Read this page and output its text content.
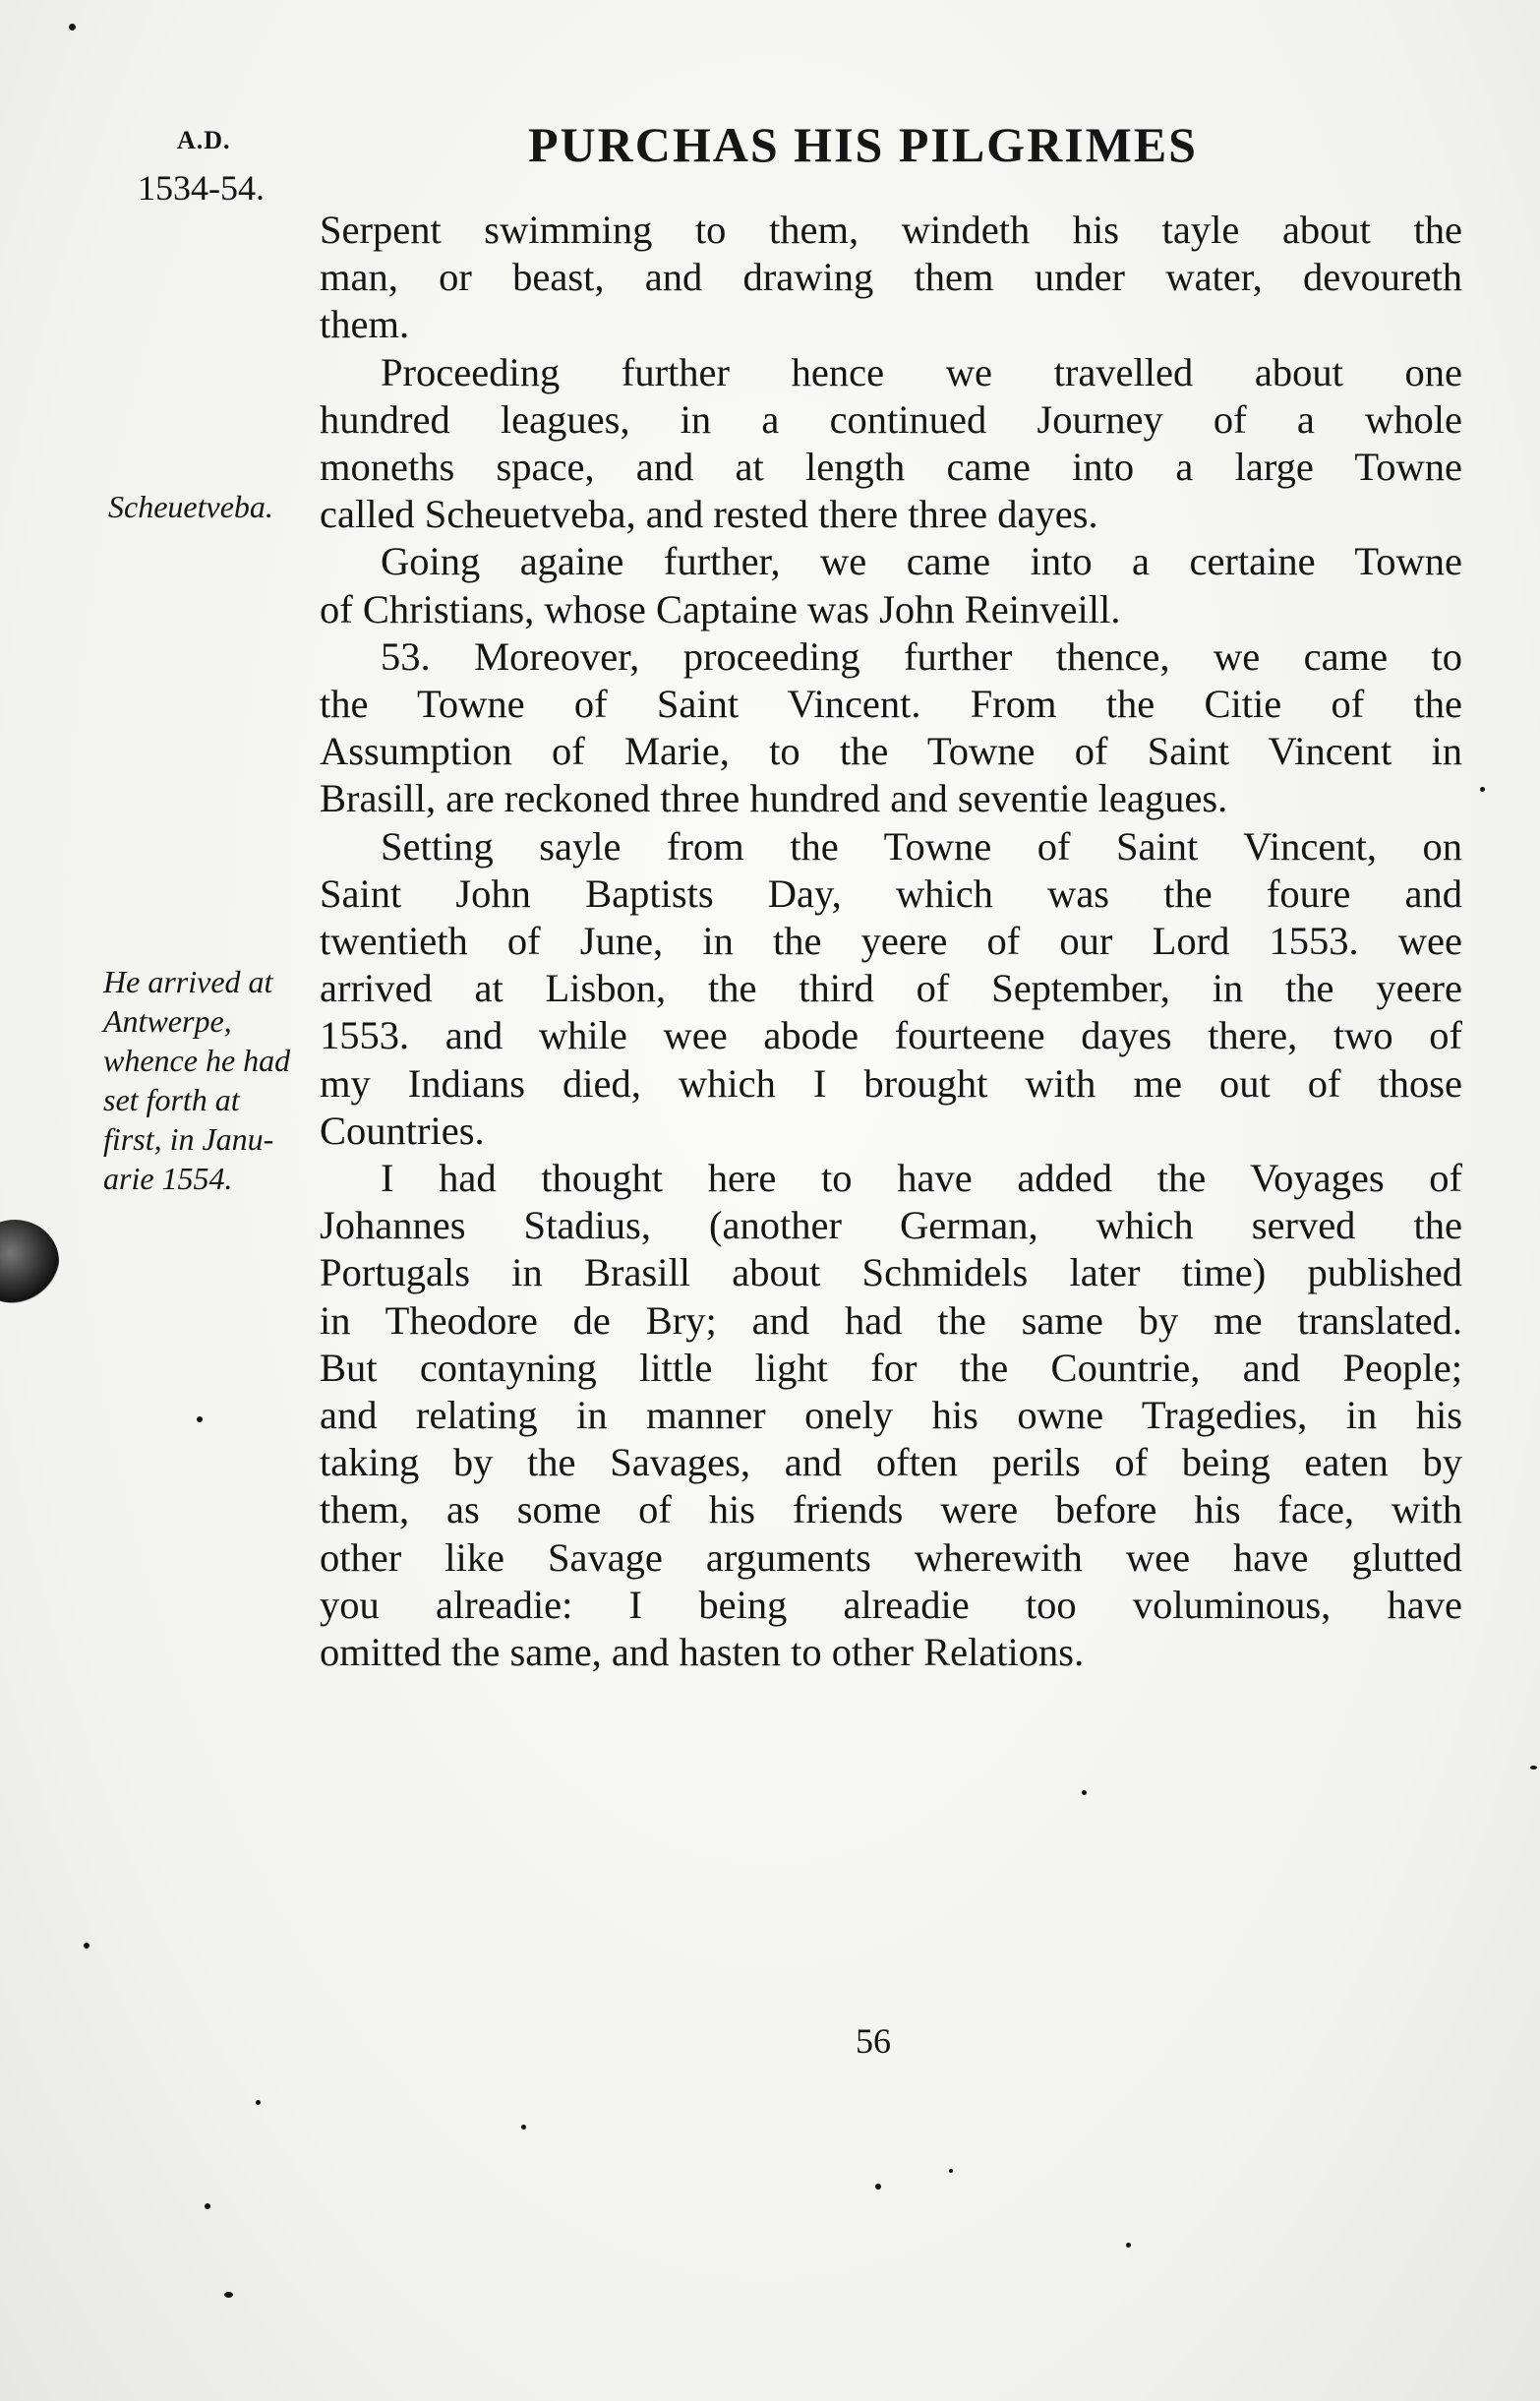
A.D.
1534-54.
PURCHAS HIS PILGRIMES
Serpent swimming to them, windeth his tayle about the
man, or beast, and drawing them under water, devoureth
them.
Proceeding further hence we travelled about one
hundred leagues, in a continued Journey of a whole
moneths space, and at length came into a large Towne
called Scheuetveba, and rested there three dayes.
Going againe further, we came into a certaine Towne
of Christians, whose Captaine was John Reinveill.
53. Moreover, proceeding further thence, we came to
the Towne of Saint Vincent. From the Citie of the
Assumption of Marie, to the Towne of Saint Vincent in
Brasill, are reckoned three hundred and seventie leagues.
Setting sayle from the Towne of Saint Vincent, on
Saint John Baptists Day, which was the foure and
twentieth of June, in the yeere of our Lord 1553. wee
arrived at Lisbon, the third of September, in the yeere
1553. and while wee abode fourteene dayes there, two of
my Indians died, which I brought with me out of those
Countries.
I had thought here to have added the Voyages of
Johannes Stadius, (another German, which served the
Portugals in Brasill about Schmidels later time) published
in Theodore de Bry; and had the same by me translated.
But contayning little light for the Countrie, and People;
and relating in manner onely his owne Tragedies, in his
taking by the Savages, and often perils of being eaten by
them, as some of his friends were before his face, with
other like Savage arguments wherewith wee have glutted
you alreadie: I being alreadie too voluminous, have
omitted the same, and hasten to other Relations.
Scheuetveba.
He arrived at
Antwerpe,
whence he had
set forth at
first, in Janu-
arie 1554.
56
